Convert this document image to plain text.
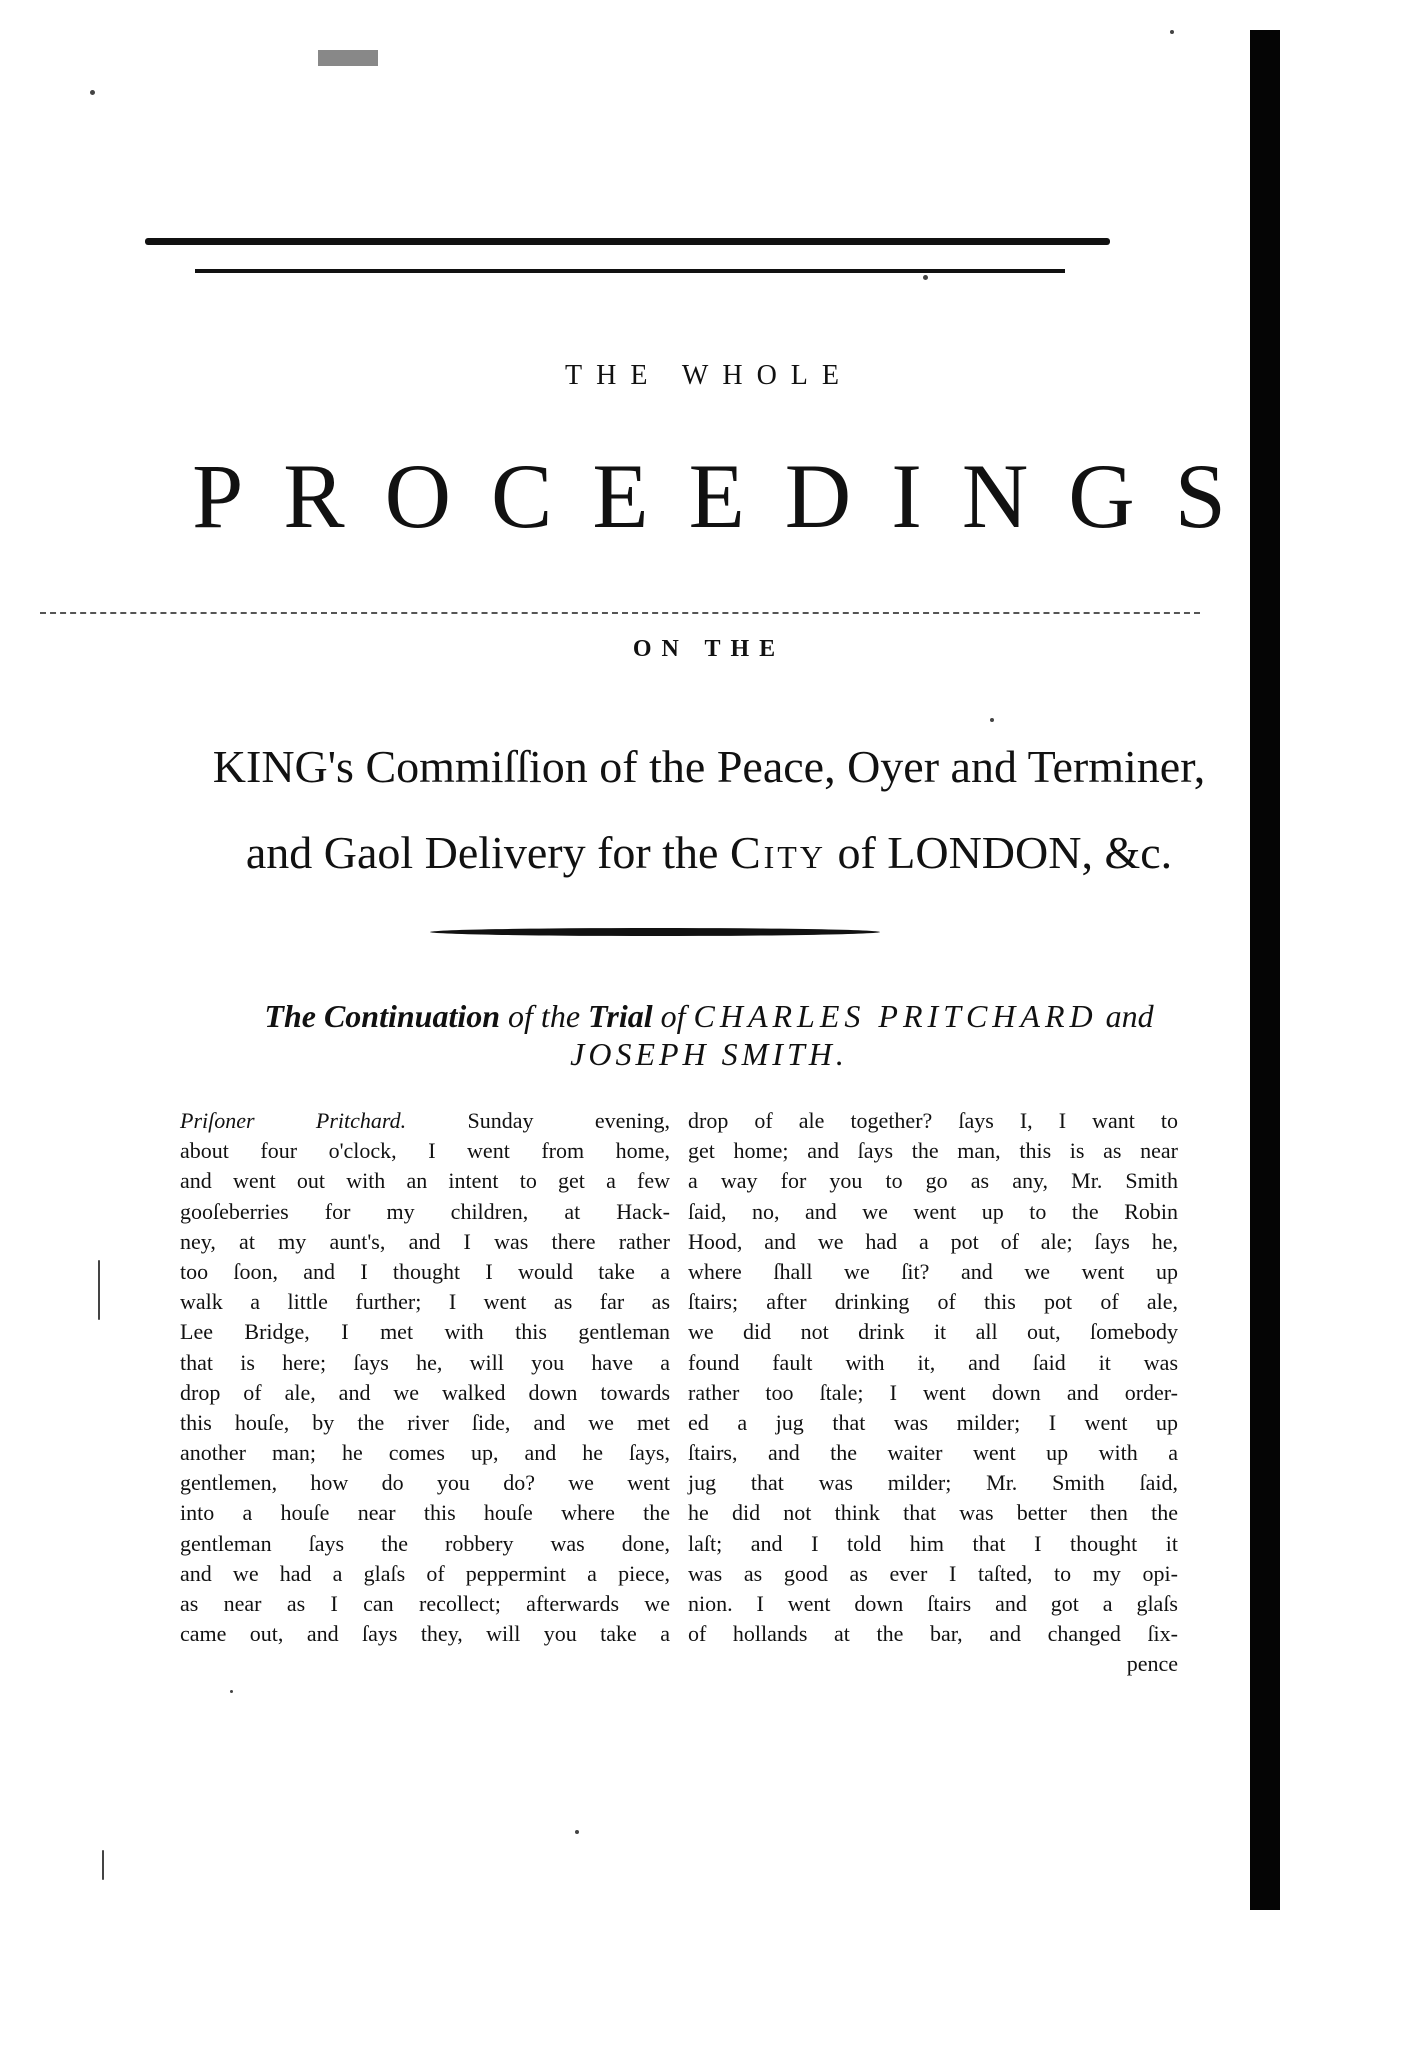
THE WHOLE
PROCEEDINGS
ON THE
KING's Commiſſion of the Peace, Oyer and Terminer,
and Gaol Delivery for the City of LONDON, &c.
The Continuation of the Trial of CHARLES PRITCHARD and
JOSEPH SMITH.
Priſoner Pritchard. Sunday evening,
about four o'clock, I went from home,
and went out with an intent to get a few
gooſeberries for my children, at Hack-
ney, at my aunt's, and I was there rather
too ſoon, and I thought I would take a
walk a little further; I went as far as
Lee Bridge, I met with this gentleman
that is here; ſays he, will you have a
drop of ale, and we walked down towards
this houſe, by the river ſide, and we met
another man; he comes up, and he ſays,
gentlemen, how do you do? we went
into a houſe near this houſe where the
gentleman ſays the robbery was done,
and we had a glaſs of peppermint a piece,
as near as I can recollect; afterwards we
came out, and ſays they, will you take a
drop of ale together? ſays I, I want to
get home; and ſays the man, this is as near
a way for you to go as any, Mr. Smith
ſaid, no, and we went up to the Robin
Hood, and we had a pot of ale; ſays he,
where ſhall we ſit? and we went up
ſtairs; after drinking of this pot of ale,
we did not drink it all out, ſomebody
found fault with it, and ſaid it was
rather too ſtale; I went down and order-
ed a jug that was milder; I went up
ſtairs, and the waiter went up with a
jug that was milder; Mr. Smith ſaid,
he did not think that was better then the
laſt; and I told him that I thought it
was as good as ever I taſted, to my opi-
nion. I went down ſtairs and got a glaſs
of hollands at the bar, and changed ſix-
pence
